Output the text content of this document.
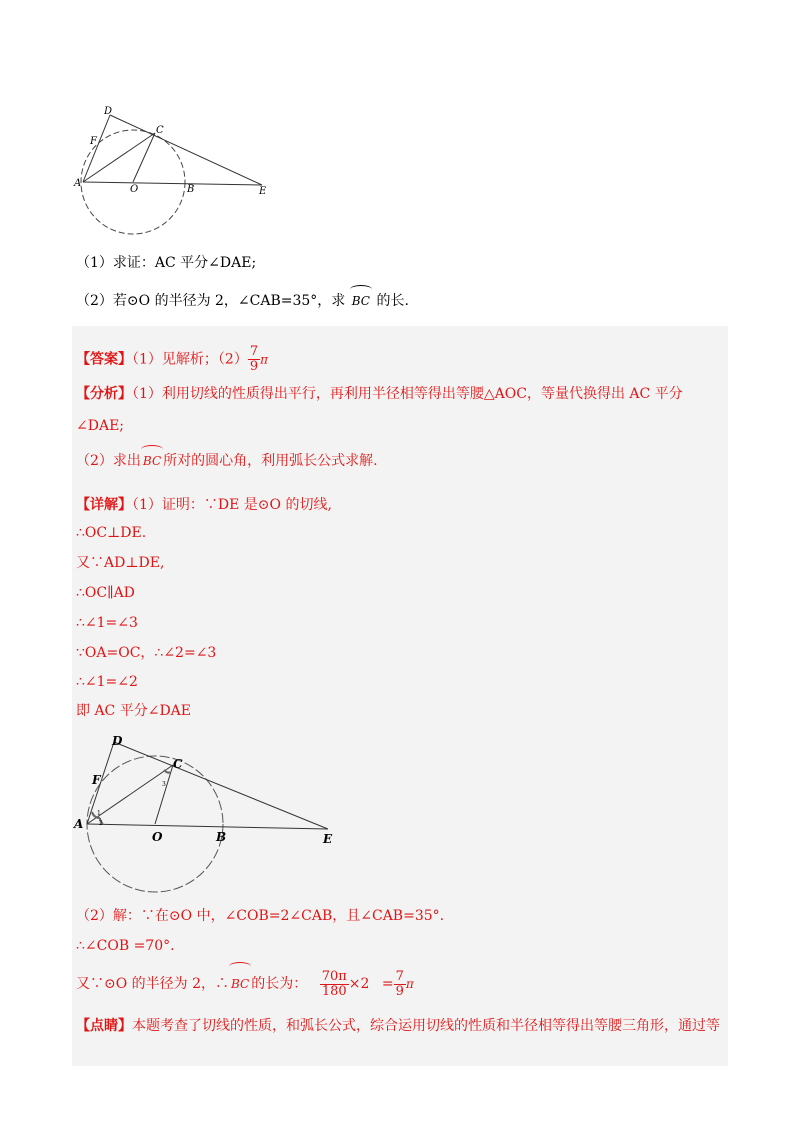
D
F
C
A
O	B	E
（1）求证：AC 平分∠DAE;
（2）若⊙O 的半径为 2，∠CAB=35°，求 BC 的长.
【答案】（1）见解析；$(2) \frac{7}{9}$ π
【分析】（1）利用切线的性质得出平行，再利用半径相等得出等腰△AOC，等量代换得出 AC 平分
∠DAE;
（2）求出 BC 所对的圆心角，利用弧长公式求解.
【详解】（1）证明：∵DE 是⊙O 的切线,
∴OC⊥DE.
又∵AD⊥DE,
∴OC∥AD
∴∠1=∠3
∵OA=OC，∴∠2=∠3
∴∠1=∠2
即 AC 平分∠DAE
D
F
C
A
O	B	E
1
2
3
（2）解：∵在⊙O 中，∠COB=2∠CAB，且∠CAB=35°.
∴∠COB =70°.
又∵⊙O 的半径为 2，∴ BC 的长为： $\frac{70\pi}{180} \times 2 = \frac{7}{9}$ π
【点睛】本题考查了切线的性质，和弧长公式，综合运用切线的性质和半径相等得出等腰三角形，通过等
